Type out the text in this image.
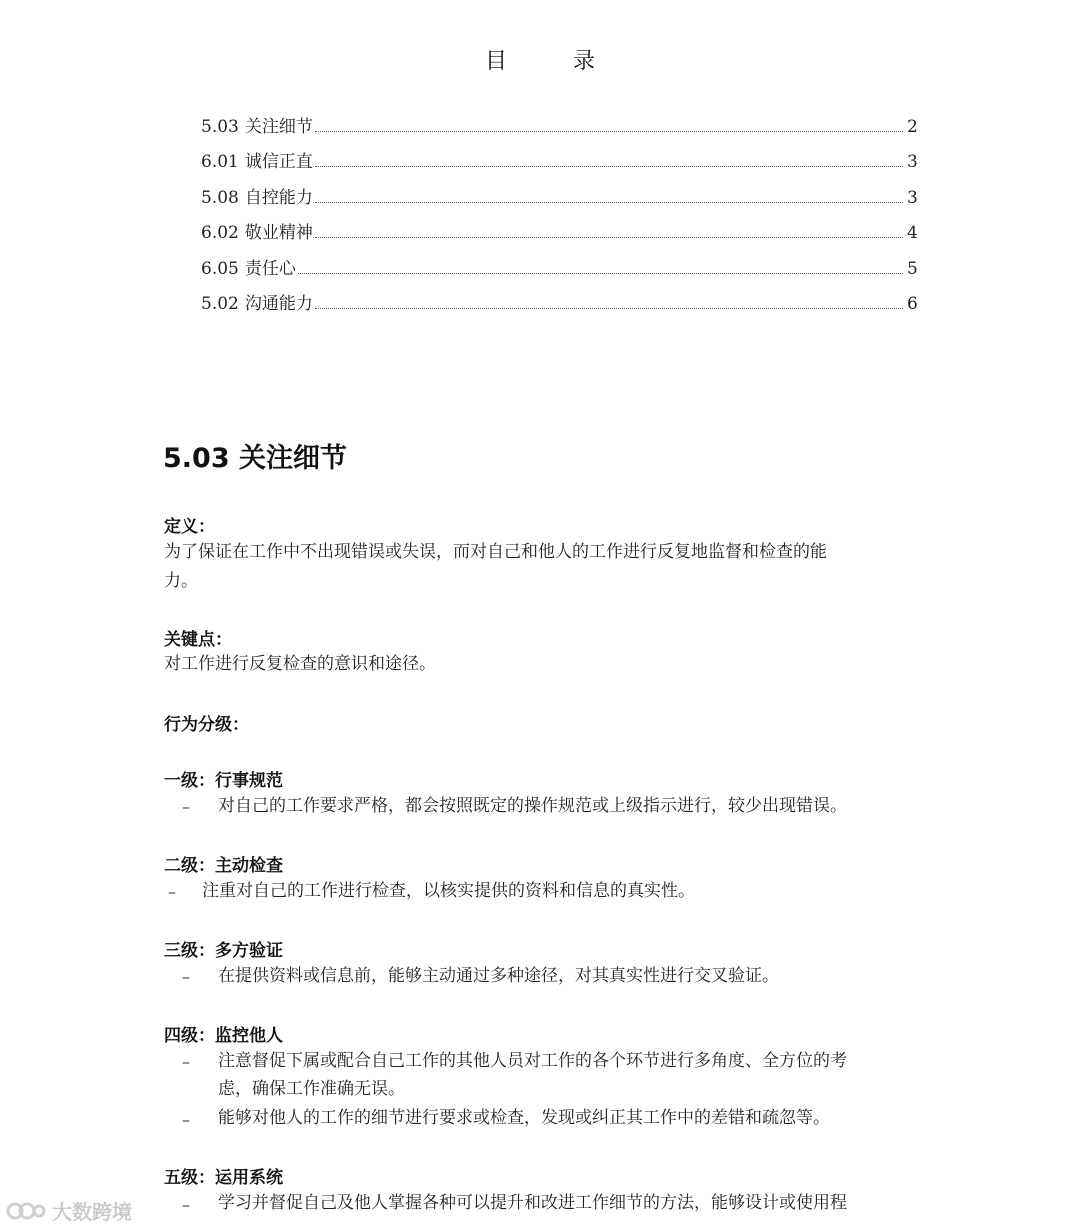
目	录
5.03 关注细节	2
6.01 诚信正直	3
5.08 自控能力	3
6.02 敬业精神	4
6.05 责任心	5
5.02 沟通能力	6
5.03 关注细节
定义：
为了保证在工作中不出现错误或失误，而对自己和他人的工作进行反复地监督和检查的能
力。
关键点：
对工作进行反复检查的意识和途径。
行为分级：
一级：行事规范
– 对自己的工作要求严格，都会按照既定的操作规范或上级指示进行，较少出现错误。
二级：主动检查
– 注重对自己的工作进行检查，以核实提供的资料和信息的真实性。
三级：多方验证
– 在提供资料或信息前，能够主动通过多种途径，对其真实性进行交叉验证。
四级：监控他人
– 注意督促下属或配合自己工作的其他人员对工作的各个环节进行多角度、全方位的考
虑，确保工作准确无误。
– 能够对他人的工作的细节进行要求或检查，发现或纠正其工作中的差错和疏忽等。
五级：运用系统
– 学习并督促自己及他人掌握各种可以提升和改进工作细节的方法，能够设计或使用程
大数跨境
